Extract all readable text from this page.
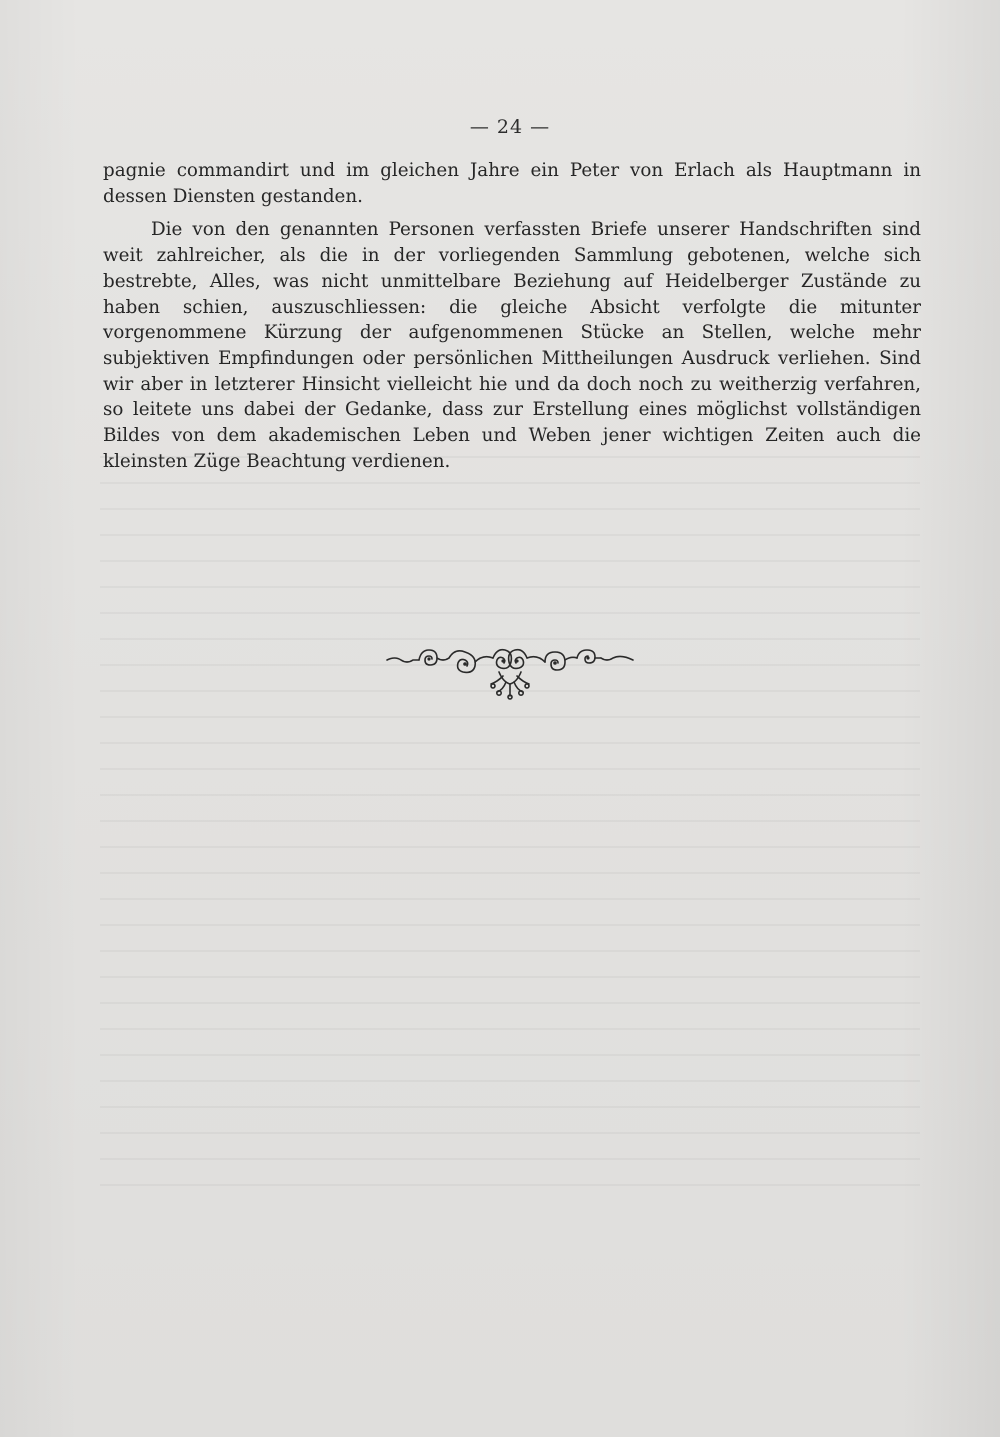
— 24 —

pagnie commandirt und im gleichen Jahre ein Peter von Erlach als Hauptmann in dessen Diensten gestanden.

Die von den genannten Personen verfassten Briefe unserer Handschriften sind weit zahlreicher, als die in der vorliegenden Sammlung gebotenen, welche sich bestrebte, Alles, was nicht unmittelbare Beziehung auf Heidelberger Zustände zu haben schien, auszuschliessen: die gleiche Absicht verfolgte die mitunter vorgenommene Kürzung der aufgenommenen Stücke an Stellen, welche mehr subjektiven Empfindungen oder persönlichen Mittheilungen Ausdruck verliehen. Sind wir aber in letzterer Hinsicht vielleicht hie und da doch noch zu weitherzig verfahren, so leitete uns dabei der Gedanke, dass zur Erstellung eines möglichst vollständigen Bildes von dem akademischen Leben und Weben jener wichtigen Zeiten auch die kleinsten Züge Beachtung verdienen.
